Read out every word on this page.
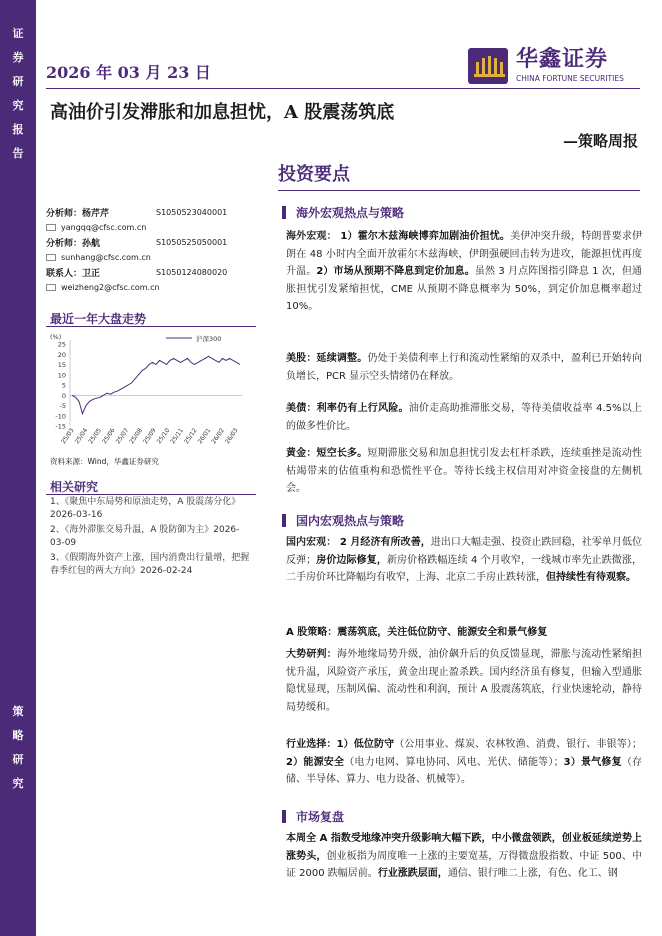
证
券
研
究
报
告
策
略
研
究
2026 年 03 月 23 日
华鑫证券
CHINA FORTUNE SECURITIES
高油价引发滞胀和加息担忧，A 股震荡筑底
—策略周报
投资要点
分析师：杨芹芹	S1050523040001
yangqq@cfsc.com.cn
分析师：孙航	S1050525050001
sunhang@cfsc.com.cn
联系人：卫正	S1050124080020
weizheng2@cfsc.com.cn
最近一年大盘走势
(%)	沪深300
25
20
15
10
5
0
-5
-10
-15
25/03
25/04
25/05
25/06
25/07
25/08
25/09
25/10
25/11
25/12
26/01
26/02
26/03
资料来源：Wind，华鑫证券研究
相关研究
1、《聚焦中东局势和原油走势，A 股震荡分化》2026-03-16
2、《海外滞胀交易升温，A 股防御为主》2026-03-09
3、《假期海外资产上涨，国内消费出行量增，把握春季红包的两大方向》2026-02-24
海外宏观热点与策略
海外宏观： 1）霍尔木兹海峡博弈加剧油价担忧。美伊冲突升级，特朗普要求伊朗在 48 小时内全面开放霍尔木兹海峡，伊朗强硬回击转为进攻，能源担忧再度升温。2）市场从预期不降息到定价加息。虽然 3 月点阵图指引降息 1 次，但通胀担忧引发紧缩担忧，CME 从预期不降息概率为 50%，到定价加息概率超过 10%。
美股：延续调整。仍处于美债利率上行和流动性紧缩的双杀中，盈利已开始转向负增长，PCR 显示空头情绪仍在释放。
美债：利率仍有上行风险。油价走高助推滞胀交易，等待美债收益率 4.5%以上的做多性价比。
黄金：短空长多。短期滞胀交易和加息担忧引发去杠杆杀跌，连续重挫是流动性枯竭带来的估值重构和恐慌性平仓。等待长线主权信用对冲资金接盘的左侧机会。
国内宏观热点与策略
国内宏观： 2 月经济有所改善，进出口大幅走强、投资止跌回稳，社零单月低位反弹；房价边际修复，新房价格跌幅连续 4 个月收窄，一线城市率先止跌微涨，二手房价环比降幅均有收窄，上海、北京二手房止跌转涨，但持续性有待观察。
A 股策略：震荡筑底，关注低位防守、能源安全和景气修复
大势研判：海外地缘局势升级，油价飙升后的负反馈显现，滞胀与流动性紧缩担忧升温，风险资产承压，黄金出现止盈杀跌。国内经济虽有修复，但输入型通胀隐忧显现，压制风偏、流动性和利润，预计 A 股震荡筑底，行业快速轮动，静待局势缓和。
行业选择：1）低位防守（公用事业、煤炭、农林牧渔、消费、银行、非银等）；2）能源安全（电力电网、算电协同、风电、光伏、储能等）；3）景气修复（存储、半导体、算力、电力设备、机械等）。
市场复盘
本周全 A 指数受地缘冲突升级影响大幅下跌，中小微盘领跌，创业板延续逆势上涨势头，创业板指为周度唯一上涨的主要宽基，万得微盘股指数、中证 500、中证 2000 跌幅居前。行业涨跌层面，通信、银行唯二上涨，有色、化工、钢
